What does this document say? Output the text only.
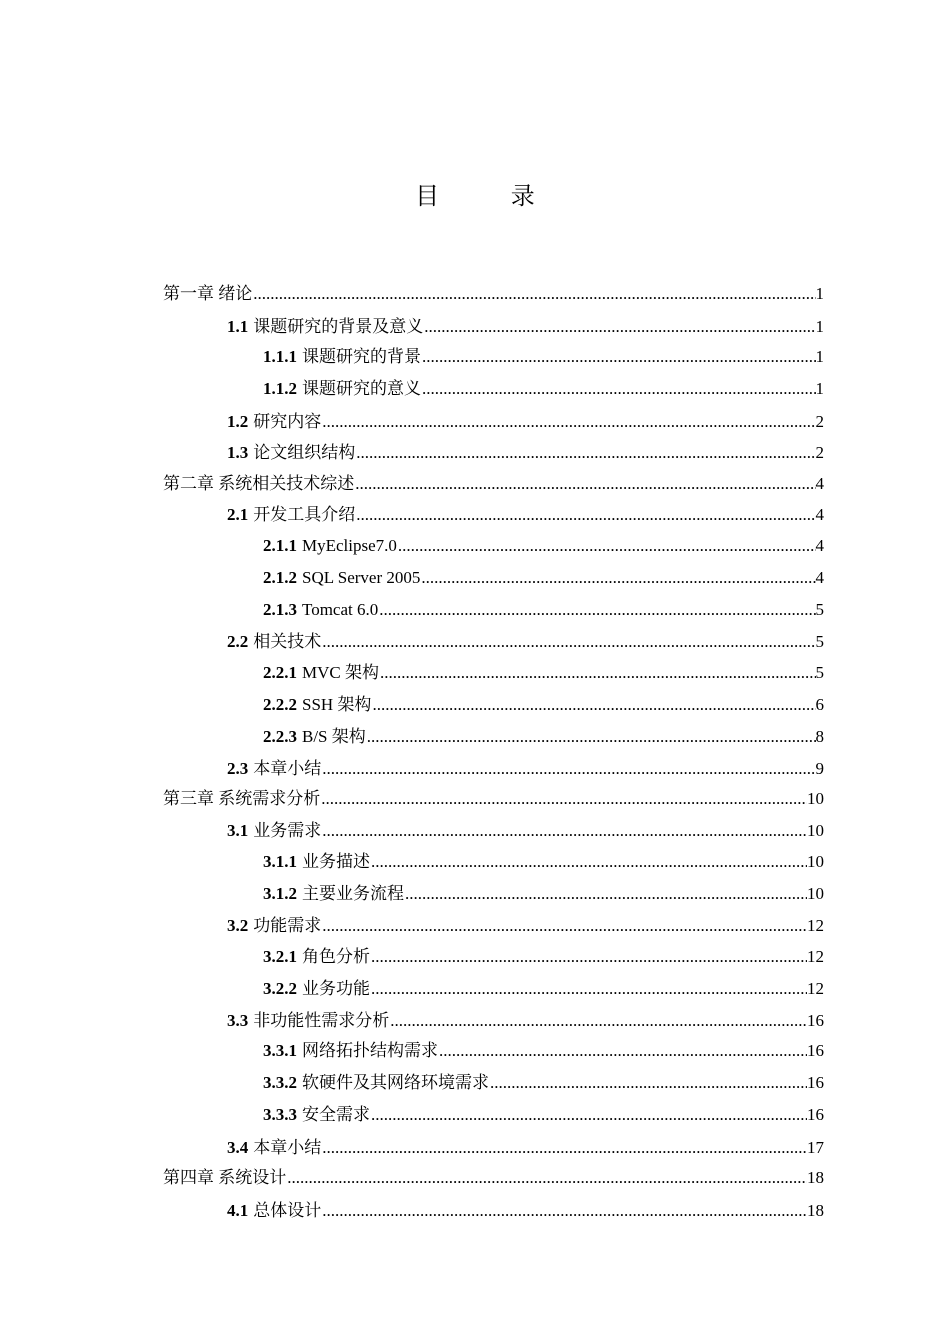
目 录
第一章 绪论 .....	1
1.1 课题研究的背景及意义 .....	1
1.1.1 课题研究的背景 .....	1
1.1.2 课题研究的意义 .....	1
1.2 研究内容 .....	2
1.3 论文组织结构 .....	2
第二章 系统相关技术综述 .....	4
2.1 开发工具介绍 .....	4
2.1.1 MyEclipse7.0 .....	4
2.1.2 SQL Server 2005 .....	4
2.1.3 Tomcat 6.0 .....	5
2.2 相关技术 .....	5
2.2.1 MVC 架构 .....	5
2.2.2 SSH 架构 .....	6
2.2.3 B/S 架构 .....	8
2.3 本章小结 .....	9
第三章 系统需求分析 .....	10
3.1 业务需求 .....	10
3.1.1 业务描述 .....	10
3.1.2 主要业务流程 .....	10
3.2 功能需求 .....	12
3.2.1 角色分析 .....	12
3.2.2 业务功能 .....	12
3.3 非功能性需求分析 .....	16
3.3.1 网络拓扑结构需求 .....	16
3.3.2 软硬件及其网络环境需求 .....	16
3.3.3 安全需求 .....	16
3.4 本章小结 .....	17
第四章 系统设计 .....	18
4.1 总体设计 .....	18
